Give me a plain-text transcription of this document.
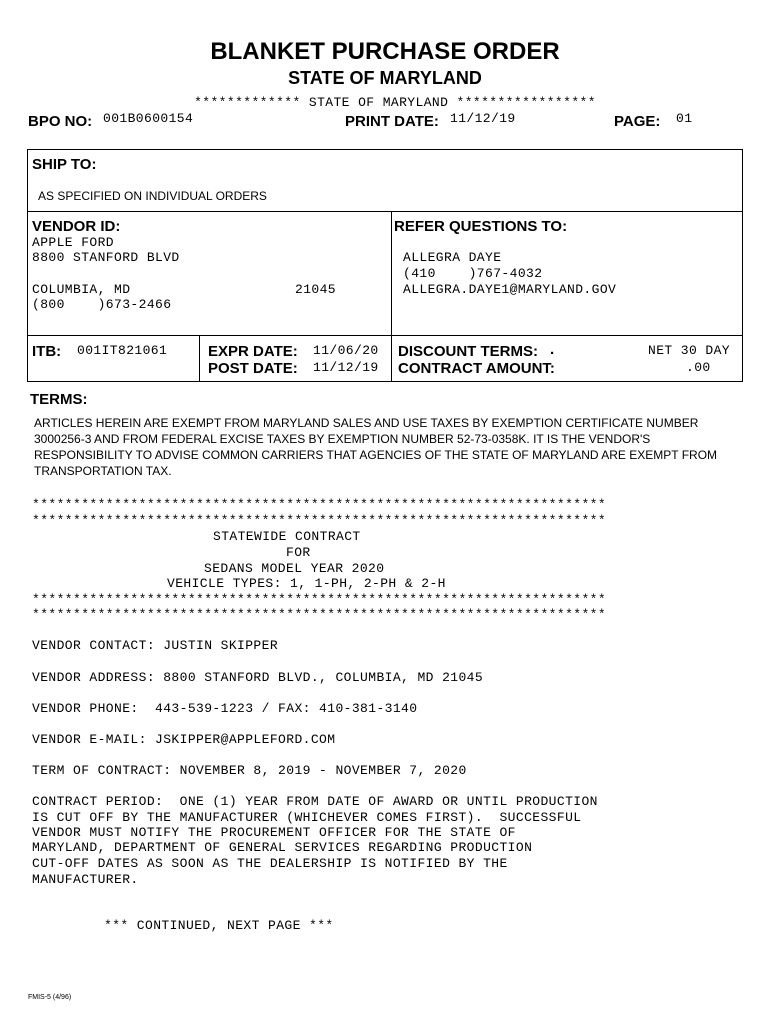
BLANKET PURCHASE ORDER
STATE OF MARYLAND
************* STATE OF MARYLAND *****************
BPO NO: 001B0600154	PRINT DATE: 11/12/19	PAGE: 01
SHIP TO:
AS SPECIFIED ON INDIVIDUAL ORDERS
VENDOR ID:
APPLE FORD
8800 STANFORD BLVD
COLUMBIA, MD	21045
(800    )673-2466
REFER QUESTIONS TO:
ALLEGRA DAYE
(410    )767-4032
ALLEGRA.DAYE1@MARYLAND.GOV
ITB: 001IT821061	EXPR DATE: 11/06/20
POST DATE: 11/12/19
DISCOUNT TERMS: .	NET 30 DAY
CONTRACT AMOUNT:	.00
TERMS:
ARTICLES HEREIN ARE EXEMPT FROM MARYLAND SALES AND USE TAXES BY EXEMPTION CERTIFICATE NUMBER 3000256-3 AND FROM FEDERAL EXCISE TAXES BY EXEMPTION NUMBER 52-73-0358K. IT IS THE VENDOR'S RESPONSIBILITY TO ADVISE COMMON CARRIERS THAT AGENCIES OF THE STATE OF MARYLAND ARE EXEMPT FROM TRANSPORTATION TAX.
**********************************************************************
**********************************************************************
STATEWIDE CONTRACT
FOR
SEDANS MODEL YEAR 2020
VEHICLE TYPES: 1, 1-PH, 2-PH & 2-H
**********************************************************************
**********************************************************************
VENDOR CONTACT: JUSTIN SKIPPER
VENDOR ADDRESS: 8800 STANFORD BLVD., COLUMBIA, MD 21045
VENDOR PHONE:  443-539-1223 / FAX: 410-381-3140
VENDOR E-MAIL: JSKIPPER@APPLEFORD.COM
TERM OF CONTRACT: NOVEMBER 8, 2019 - NOVEMBER 7, 2020
CONTRACT PERIOD:  ONE (1) YEAR FROM DATE OF AWARD OR UNTIL PRODUCTION
IS CUT OFF BY THE MANUFACTURER (WHICHEVER COMES FIRST).  SUCCESSFUL
VENDOR MUST NOTIFY THE PROCUREMENT OFFICER FOR THE STATE OF
MARYLAND, DEPARTMENT OF GENERAL SERVICES REGARDING PRODUCTION
CUT-OFF DATES AS SOON AS THE DEALERSHIP IS NOTIFIED BY THE
MANUFACTURER.
*** CONTINUED, NEXT PAGE ***
FMIS-5 (4/96)
